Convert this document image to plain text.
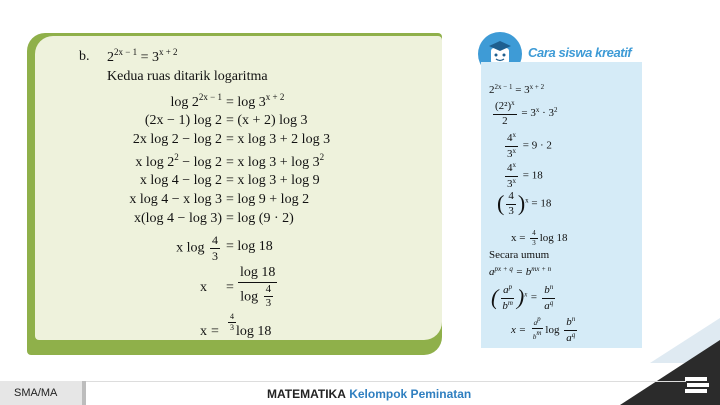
b. $2^{2x - 1} = 3^{x + 2}$
Kedua ruas ditarik logaritma
$\log 2^{2x - 1} = \log 3^{x + 2}$
(2x − 1) log 2 = (x + 2) log 3
2x log 2 − log 2 = x log 3 + 2 log 3
x $\log 2^2 - \log 2 = x$ $\log 3 + \log 3^2$
x log 4 − log 2 = x log 3 + log 9
x log 4 − x log 3 = log 9 + log 2
x(log 4 − log 3) = log (9 · 2)
x $\log \frac{4}{3} = \log 18$
$x = \frac{\log 18}{\log \frac{4}{3}}$
$x = \frac{4}{3}$ log 18
Cara siswa kreatif
$2^{2x - 1} = 3^{x + 2}$
$\frac{(2^2)^x}{2} = 3^x \cdot 3^2$
$\frac{4^x}{3^x} = 9 \cdot 2$
$\frac{4^x}{3^x} = 18$
( $\frac{4}{3} )^x = 18$
$x = \frac{4}{3}$ log 18
Secara umum
$a^{px + q} = b^{mx + n}$
( $\frac{a^p}{b^m} )^x = \frac{b^n}{a^q}$
$x = \frac{a^p}{b^m}$ $\log \frac{b^n}{a^q}$
SMA/MA	MATEMATIKA Kelompok Peminatan
